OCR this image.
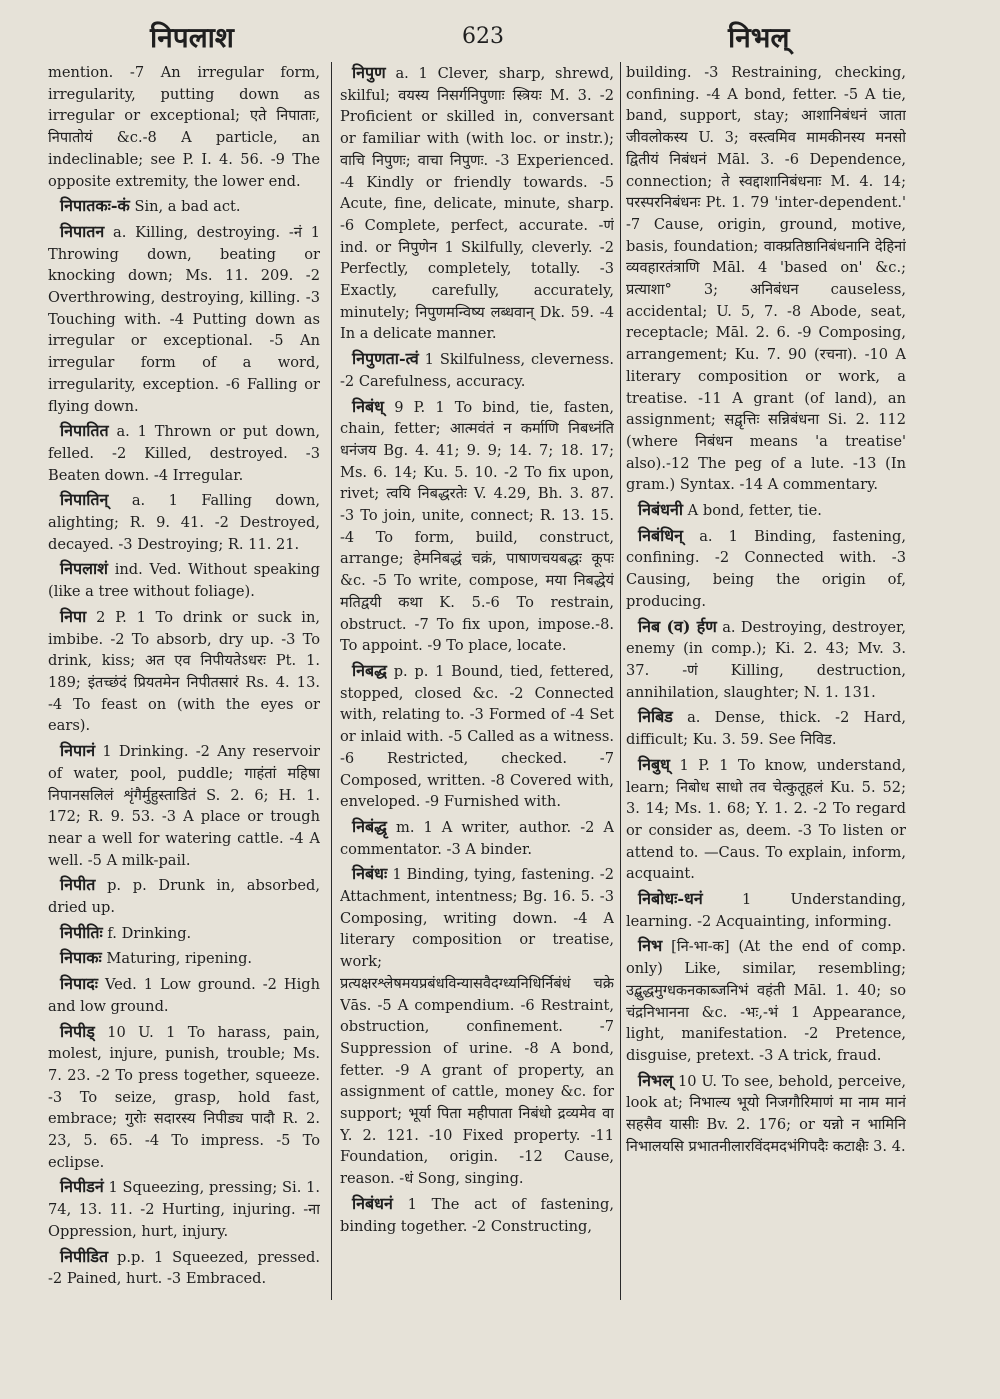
निपलाश	623	निभल्

mention. -7 An irregular form, irregularity, putting down as irregular or exceptional; एते निपाताः, निपातोयं &c.-8 A particle, an indeclinable; see P. I. 4. 56. -9 The opposite extremity, the lower end.

निपातकः-कं Sin, a bad act.

निपातन a. Killing, destroying. -नं 1 Throwing down, beating or knocking down; Ms. 11. 209. -2 Overthrowing, destroying, killing. -3 Touching with. -4 Putting down as irregular or exceptional. -5 An irregular form of a word, irregularity, exception. -6 Falling or flying down.

निपातित a. 1 Thrown or put down, felled. -2 Killed, destroyed. -3 Beaten down. -4 Irregular.

निपातिन् a. 1 Falling down, alighting; R. 9. 41. -2 Destroyed, decayed. -3 Destroying; R. 11. 21.

निपलाशं ind. Ved. Without speaking (like a tree without foliage).

निपा 2 P. 1 To drink or suck in, imbibe. -2 To absorb, dry up. -3 To drink, kiss; अत एव निपीयतेऽधरः Pt. 1. 189; इंतच्छंदं प्रियतमेन निपीतसारं Rs. 4. 13. -4 To feast on (with the eyes or ears).

निपानं 1 Drinking. -2 Any reservoir of water, pool, puddle; गाहंतां महिषा निपानसलिलं शृंगैर्मुहुस्ताडितं S. 2. 6; H. 1. 172; R. 9. 53. -3 A place or trough near a well for watering cattle. -4 A well. -5 A milk-pail.

निपीत p. p. Drunk in, absorbed, dried up.

निपीतिः f. Drinking.

निपाकः Maturing, ripening.

निपादः Ved. 1 Low ground. -2 High and low ground.

निपीड् 10 U. 1 To harass, pain, molest, injure, punish, trouble; Ms. 7. 23. -2 To press together, squeeze. -3 To seize, grasp, hold fast, embrace; गुरोः सदारस्य निपीड्य पादौ R. 2. 23, 5. 65. -4 To impress. -5 To eclipse.

निपीडनं 1 Squeezing, pressing; Si. 1. 74, 13. 11. -2 Hurting, injuring. -ना Oppression, hurt, injury.

निपीडित p.p. 1 Squeezed, pressed. -2 Pained, hurt. -3 Embraced.

निपुण a. 1 Clever, sharp, shrewd, skilful; वयस्य निसर्गनिपुणाः स्त्रियः M. 3. -2 Proficient or skilled in, conversant or familiar with (with loc. or instr.); वाचि निपुणः; वाचा निपुणः. -3 Experienced. -4 Kindly or friendly towards. -5 Acute, fine, delicate, minute, sharp. -6 Complete, perfect, accurate. -णं ind. or निपुणेन 1 Skilfully, cleverly. -2 Perfectly, completely, totally. -3 Exactly, carefully, accurately, minutely; निपुणमन्विष्य लब्धवान् Dk. 59. -4 In a delicate manner.

निपुणता-त्वं 1 Skilfulness, cleverness. -2 Carefulness, accuracy.

निबंध् 9 P. 1 To bind, tie, fasten, chain, fetter; आत्मवंतं न कर्माणि निबध्नंति धनंजय Bg. 4. 41; 9. 9; 14. 7; 18. 17; Ms. 6. 14; Ku. 5. 10. -2 To fix upon, rivet; त्वयि निबद्धरतेः V. 4.29, Bh. 3. 87. -3 To join, unite, connect; R. 13. 15. -4 To form, build, construct, arrange; हेमनिबद्धं चक्रं, पाषाणचयबद्धः कूपः &c. -5 To write, compose, मया निबद्धेयं मतिद्वयी कथा K. 5.-6 To restrain, obstruct. -7 To fix upon, impose.-8. To appoint. -9 To place, locate.

निबद्ध p. p. 1 Bound, tied, fettered, stopped, closed &c. -2 Connected with, relating to. -3 Formed of -4 Set or inlaid with. -5 Called as a witness. -6 Restricted, checked. -7 Composed, written. -8 Covered with, enveloped. -9 Furnished with.

निबंद्धृ m. 1 A writer, author. -2 A commentator. -3 A binder.

निबंधः 1 Binding, tying, fastening. -2 Attachment, intentness; Bg. 16. 5. -3 Composing, writing down. -4 A literary composition or treatise, work; प्रत्यक्षरश्लेषमयप्रबंधविन्यासवैदग्ध्यनिधिर्निबंधं चक्रे Vās. -5 A compendium. -6 Restraint, obstruction, confinement. -7 Suppression of urine. -8 A bond, fetter. -9 A grant of property, an assignment of cattle, money &c. for support; भूर्या पिता महीपाता निबंधो द्रव्यमेव वा Y. 2. 121. -10 Fixed property. -11 Foundation, origin. -12 Cause, reason. -धं Song, singing.

निबंधनं 1 The act of fastening, binding together. -2 Constructing,

building. -3 Restraining, checking, confining. -4 A bond, fetter. -5 A tie, band, support, stay; आशानिबंधनं जाता जीवलोकस्य U. 3; वस्त्वमिव मामकीनस्य मनसो द्वितीयं निबंधनं Māl. 3. -6 Dependence, connection; ते स्वद्दाशानिबंधनाः M. 4. 14; परस्परनिबंधनः Pt. 1. 79 'inter-dependent.' -7 Cause, origin, ground, motive, basis, foundation; वाक्प्रतिष्ठानिबंधनानि देहिनां व्यवहारतंत्राणि Māl. 4 'based on' &c.; प्रत्याशा° 3; अनिबंधन causeless, accidental; U. 5, 7. -8 Abode, seat, receptacle; Māl. 2. 6. -9 Composing, arrangement; Ku. 7. 90 (रचना). -10 A literary composition or work, a treatise. -11 A grant (of land), an assignment; सद्वृत्तिः सन्निबंधना Si. 2. 112 (where निबंधन means 'a treatise' also).-12 The peg of a lute. -13 (In gram.) Syntax. -14 A commentary.

निबंधनी A bond, fetter, tie.

निबंधिन् a. 1 Binding, fastening, confining. -2 Connected with. -3 Causing, being the origin of, producing.

निब (व) र्हण a. Destroying, destroyer, enemy (in comp.); Ki. 2. 43; Mv. 3. 37. -णं Killing, destruction, annihilation, slaughter; N. 1. 131.

निबिड a. Dense, thick. -2 Hard, difficult; Ku. 3. 59. See निविड.

निबुध् 1 P. 1 To know, understand, learn; निबोध साधो तव चेत्कुतूहलं Ku. 5. 52; 3. 14; Ms. 1. 68; Y. 1. 2. -2 To regard or consider as, deem. -3 To listen or attend to. —Caus. To explain, inform, acquaint.

निबोधः-धनं	1 Understanding, learning. -2 Acquainting, informing.

निभ [नि-भा-क] (At the end of comp. only) Like, similar, resembling; उद्बुद्धमुग्धकनकाब्जनिभं वहंती Māl. 1. 40; so चंद्रनिभानना &c. -भः,-भं 1 Appearance, light, manifestation. -2 Pretence, disguise, pretext. -3 A trick, fraud.

निभल् 10 U. To see, behold, perceive, look at; निभाल्य भूयो निजगौरिमाणं मा नाम मानं सहसैव यासीः Bv. 2. 176; or यन्नो न भामिनि निभालयसि प्रभातनीलारविंदमदभंगिपदैः कटाक्षैः 3. 4.
